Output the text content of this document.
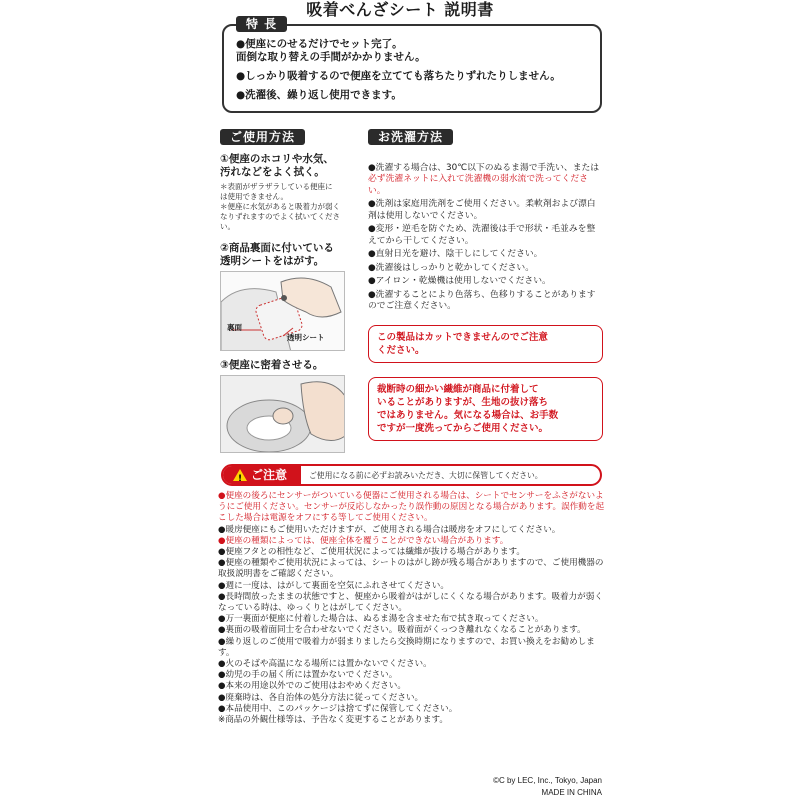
吸着べんざシート 説明書
特 長
●便座にのせるだけでセット完了。
面倒な取り替えの手間がかかりません。
●しっかり吸着するので便座を立てても落ちたりずれたりしません。
●洗濯後、繰り返し使用できます。
ご使用方法
①便座のホコリや水気、
汚れなどをよく拭く。
＊表面がザラザラしている便座に
は使用できません。
＊便座に水気があると吸着力が弱く
なりずれますのでよく拭いてください。
②商品裏面に付いている
透明シートをはがす。
裏面
透明シート
③便座に密着させる。
お洗濯方法

●洗濯する場合は、30℃以下のぬるま湯で手洗い、または必ず洗濯ネットに入れて洗濯機の弱水流で洗ってください。

●洗剤は家庭用洗剤をご使用ください。柔軟剤および漂白剤は使用しないでください。
●変形・逆毛を防ぐため、洗濯後は手で形状・毛並みを整えてから干してください。
●直射日光を避け、陰干しにしてください。
●洗濯後はしっかりと乾かしてください。
●アイロン・乾燥機は使用しないでください。
●洗濯することにより色落ち、色移りすることがありますのでご注意ください。
この製品はカットできませんのでご注意
ください。
裁断時の細かい繊維が商品に付着して
いることがありますが、生地の抜け落ち
ではありません。気になる場合は、お手数
ですが一度洗ってからご使用ください。
! ご注意	ご使用になる前に必ずお読みいただき、大切に保管してください。
●便座の後ろにセンサーがついている便器にご使用される場合は、シートでセンサーをふさがないようにご使用ください。センサーが反応しなかったり誤作動の原因となる場合があります。誤作動を起こした場合は電源をオフにする等してご使用ください。
●暖房便座にもご使用いただけますが、ご使用される場合は暖房をオフにしてください。
●便座の種類によっては、便座全体を覆うことができない場合があります。
●便座フタとの相性など、ご使用状況によっては繊維が抜ける場合があります。
●便座の種類やご使用状況によっては、シートのはがし跡が残る場合がありますので、ご使用機器の取扱説明書をご確認ください。
●週に一度は、はがして裏面を空気にふれさせてください。
●長時間放ったままの状態ですと、便座から吸着がはがしにくくなる場合があります。吸着力が弱くなっている時は、ゆっくりとはがしてください。
●万一裏面が便座に付着した場合は、ぬるま湯を含ませた布で拭き取ってください。
●裏面の吸着面同士を合わせないでください。吸着面がくっつき離れなくなることがあります。
●繰り返しのご使用で吸着力が弱まりましたら交換時期になりますので、お買い換えをお勧めします。
●火のそばや高温になる場所には置かないでください。
●幼児の手の届く所には置かないでください。
●本来の用途以外でのご使用はおやめください。
●廃棄時は、各自治体の処分方法に従ってください。
●本品使用中、このパッケージは捨てずに保管してください。
※商品の外観仕様等は、予告なく変更することがあります。
©C by LEC, Inc., Tokyo, Japan
MADE IN CHINA
